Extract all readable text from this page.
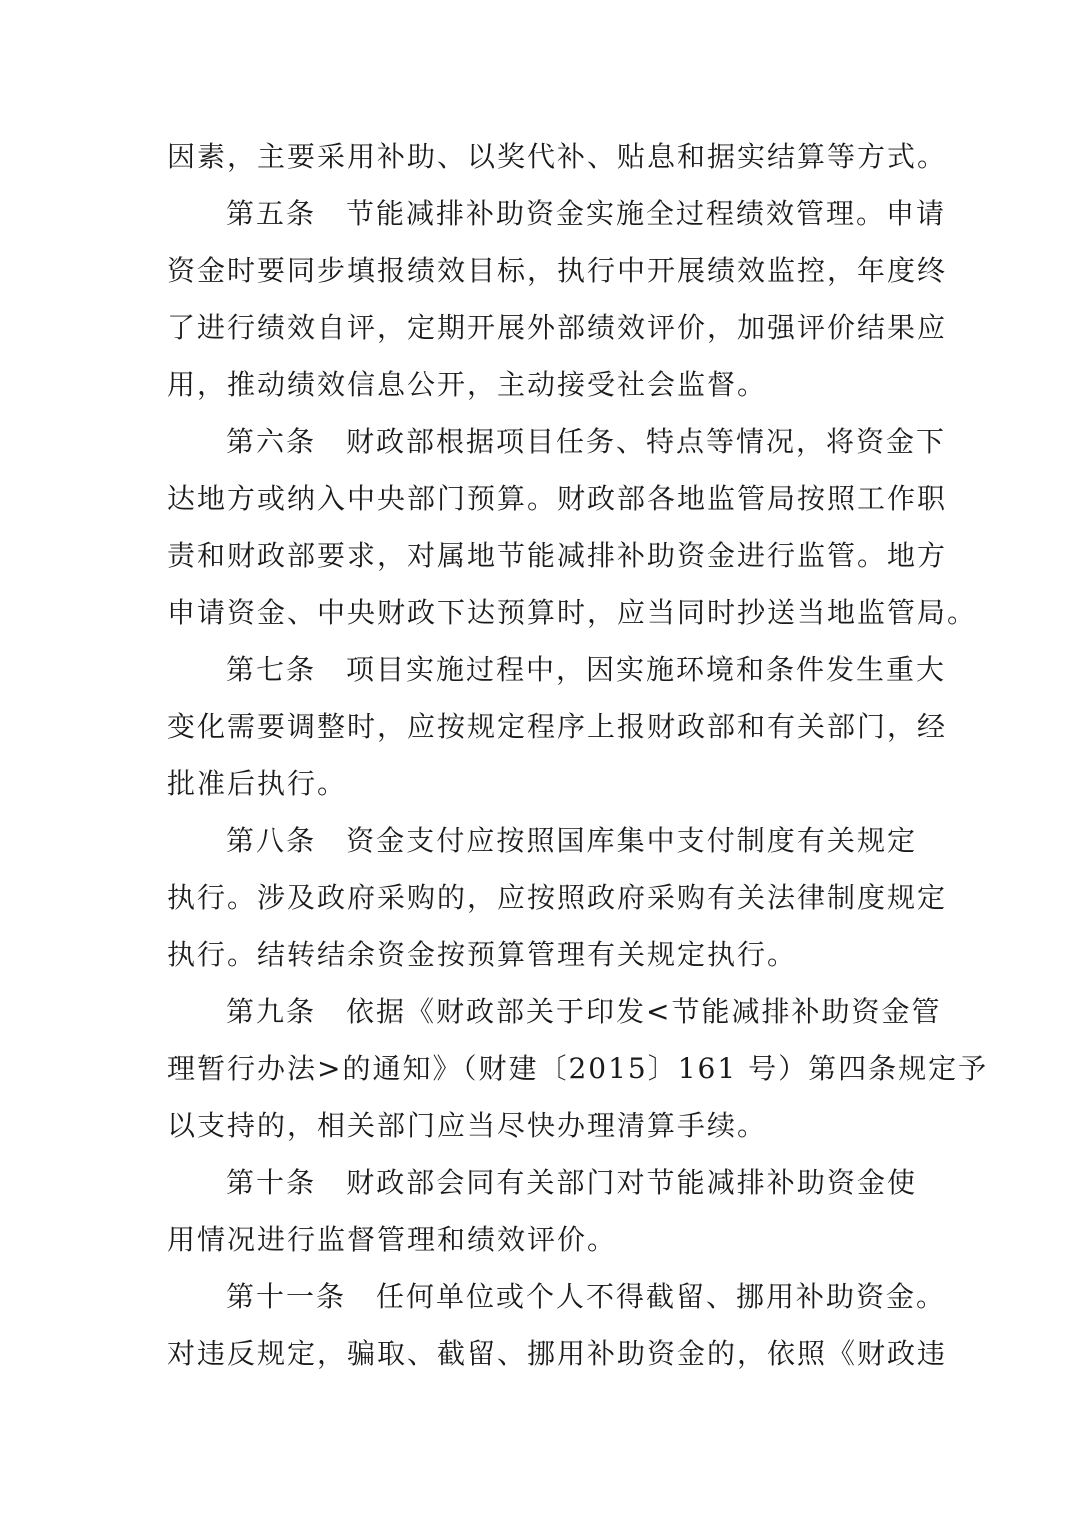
因素，主要采用补助、以奖代补、贴息和据实结算等方式。
第五条　节能减排补助资金实施全过程绩效管理。申请
资金时要同步填报绩效目标，执行中开展绩效监控，年度终
了进行绩效自评，定期开展外部绩效评价，加强评价结果应
用，推动绩效信息公开，主动接受社会监督。
第六条　财政部根据项目任务、特点等情况，将资金下
达地方或纳入中央部门预算。财政部各地监管局按照工作职
责和财政部要求，对属地节能减排补助资金进行监管。地方
申请资金、中央财政下达预算时，应当同时抄送当地监管局。
第七条　项目实施过程中，因实施环境和条件发生重大
变化需要调整时，应按规定程序上报财政部和有关部门，经
批准后执行。
第八条　资金支付应按照国库集中支付制度有关规定
执行。涉及政府采购的，应按照政府采购有关法律制度规定
执行。结转结余资金按预算管理有关规定执行。
第九条　依据《财政部关于印发<节能减排补助资金管
理暂行办法>的通知》（财建〔2015〕161 号）第四条规定予
以支持的，相关部门应当尽快办理清算手续。
第十条　财政部会同有关部门对节能减排补助资金使
用情况进行监督管理和绩效评价。
第十一条　任何单位或个人不得截留、挪用补助资金。
对违反规定，骗取、截留、挪用补助资金的，依照《财政违
